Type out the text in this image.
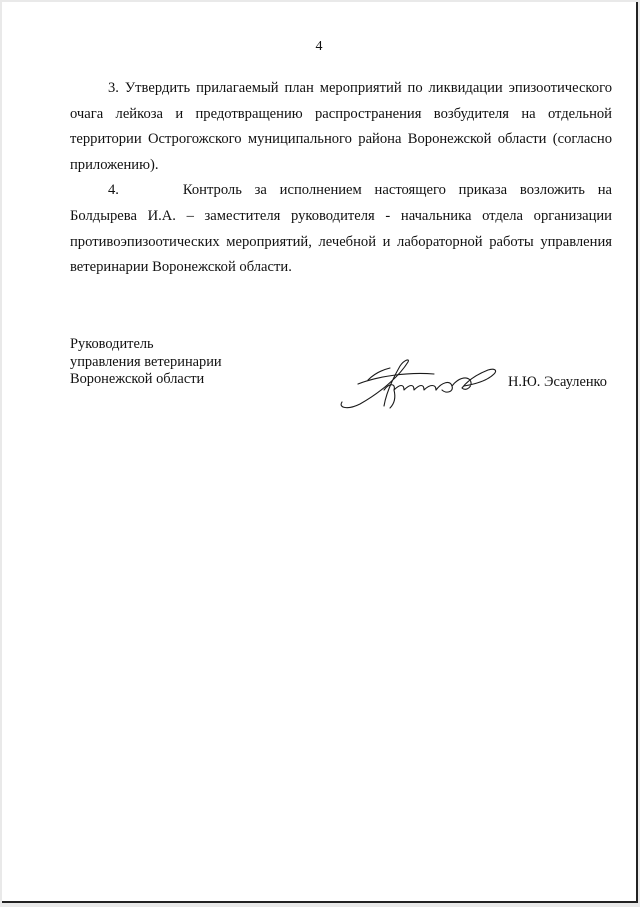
4

3. Утвердить прилагаемый план мероприятий по ликвидации эпизоотического очага лейкоза и предотвращению распространения возбудителя на отдельной территории Острогожского муниципального района Воронежской области (согласно приложению).

4.	Контроль за исполнением настоящего приказа возложить на

Болдырева И.А. – заместителя руководителя - начальника отдела организации противоэпизоотических мероприятий, лечебной и лабораторной работы управления ветеринарии Воронежской области.

Руководитель
управления ветеринарии
Воронежской области	Н.Ю. Эсауленко
